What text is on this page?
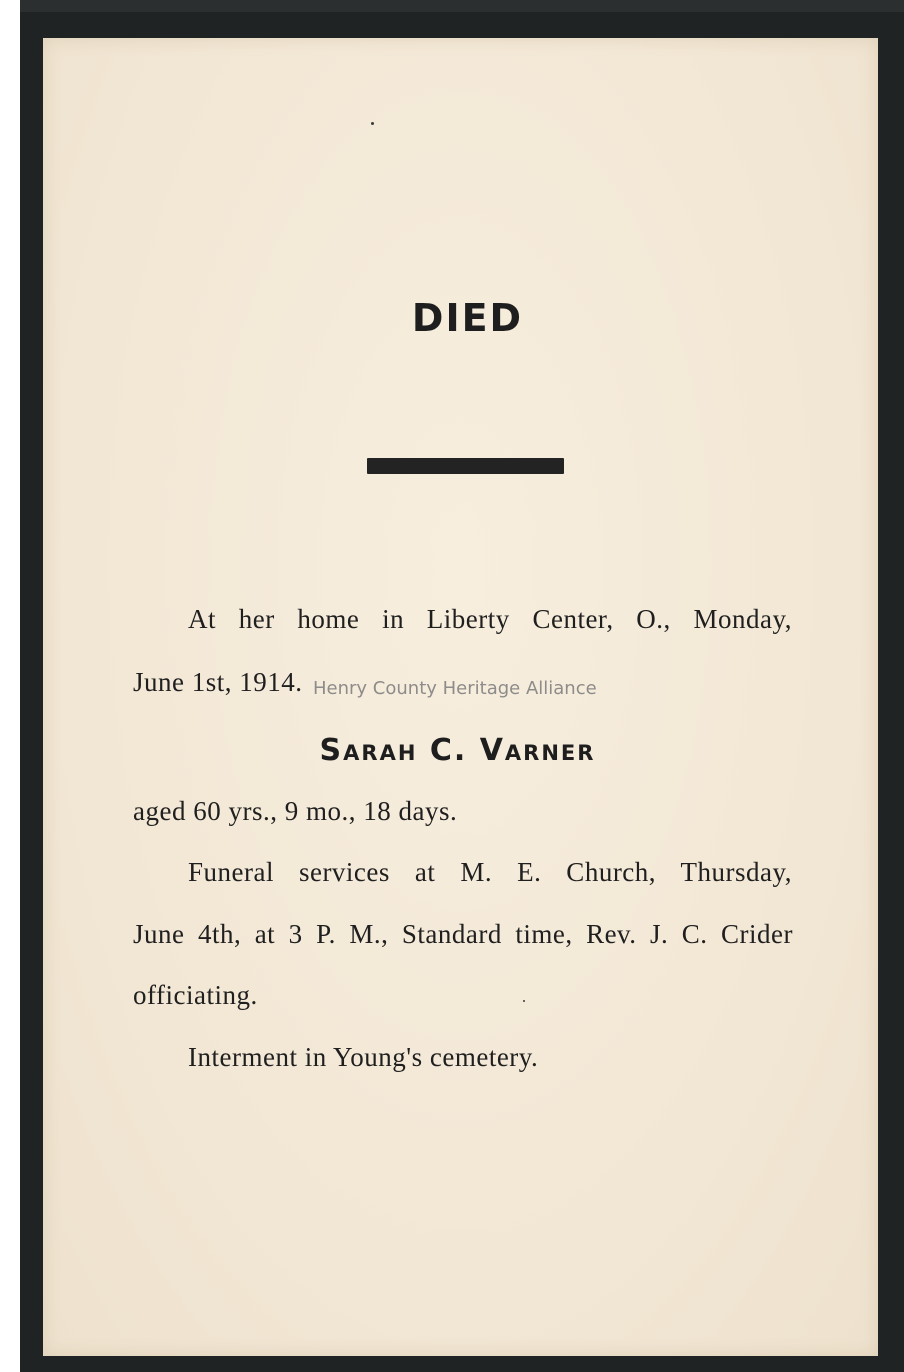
DIED

At her home in Liberty Center, O., Monday,

June 1st, 1914. Henry County Heritage Alliance
Sarah C. Varner

aged 60 yrs., 9 mo., 18 days.

Funeral services at M. E. Church, Thursday,

June 4th, at 3 P. M., Standard time, Rev. J. C. Crider

officiating.

Interment in Young's cemetery.
